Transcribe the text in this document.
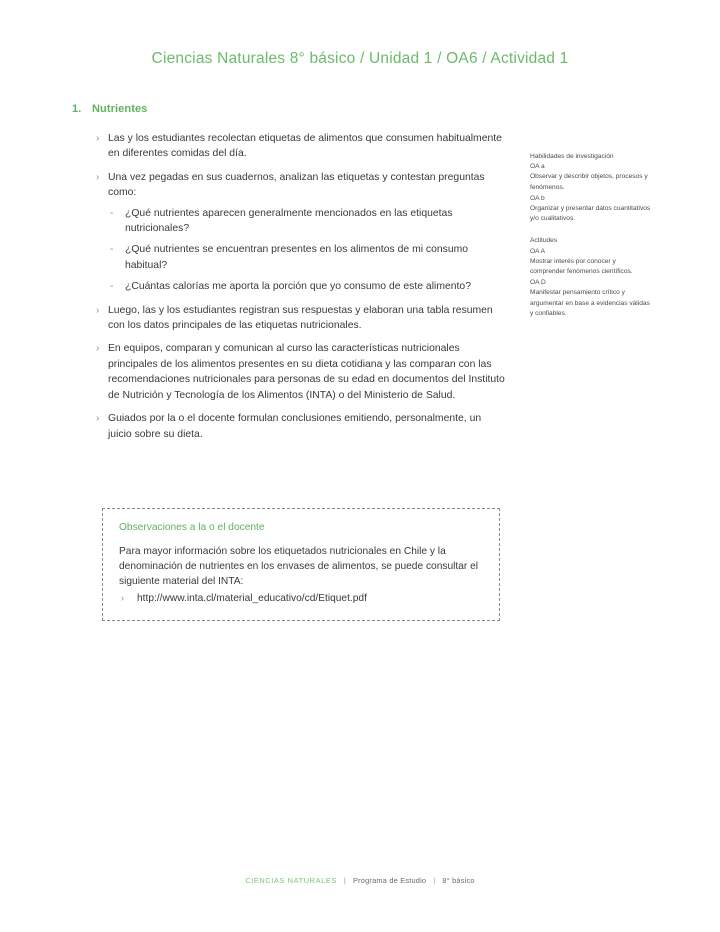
Ciencias Naturales 8° básico / Unidad 1 / OA6 / Actividad 1
1. Nutrientes
› Las y los estudiantes recolectan etiquetas de alimentos que consumen habitualmente en diferentes comidas del día.
› Una vez pegadas en sus cuadernos, analizan las etiquetas y contestan preguntas como:
- ¿Qué nutrientes aparecen generalmente mencionados en las etiquetas nutricionales?
- ¿Qué nutrientes se encuentran presentes en los alimentos de mi consumo habitual?
- ¿Cuántas calorías me aporta la porción que yo consumo de este alimento?
› Luego, las y los estudiantes registran sus respuestas y elaboran una tabla resumen con los datos principales de las etiquetas nutricionales.
› En equipos, comparan y comunican al curso las características nutricionales principales de los alimentos presentes en su dieta cotidiana y las comparan con las recomendaciones nutricionales para personas de su edad en documentos del Instituto de Nutrición y Tecnología de los Alimentos (INTA) o del Ministerio de Salud.
› Guiados por la o el docente formulan conclusiones emitiendo, personalmente, un juicio sobre su dieta.
Observaciones a la o el docente

Para mayor información sobre los etiquetados nutricionales en Chile y la denominación de nutrientes en los envases de alimentos, se puede consultar el siguiente material del INTA:

› http://www.inta.cl/material_educativo/cd/Etiquet.pdf
Habilidades de investigación
OA a
Observar y describir objetos, procesos y fenómenos.
OA b
Organizar y presentar datos cuantitativos y/o cualitativos.
Actitudes
OA A
Mostrar interés por conocer y comprender fenómenos científicos.
OA D
Manifestar pensamiento crítico y argumentar en base a evidencias válidas y confiables.
CIENCIAS NATURALES | Programa de Estudio | 8° básico
